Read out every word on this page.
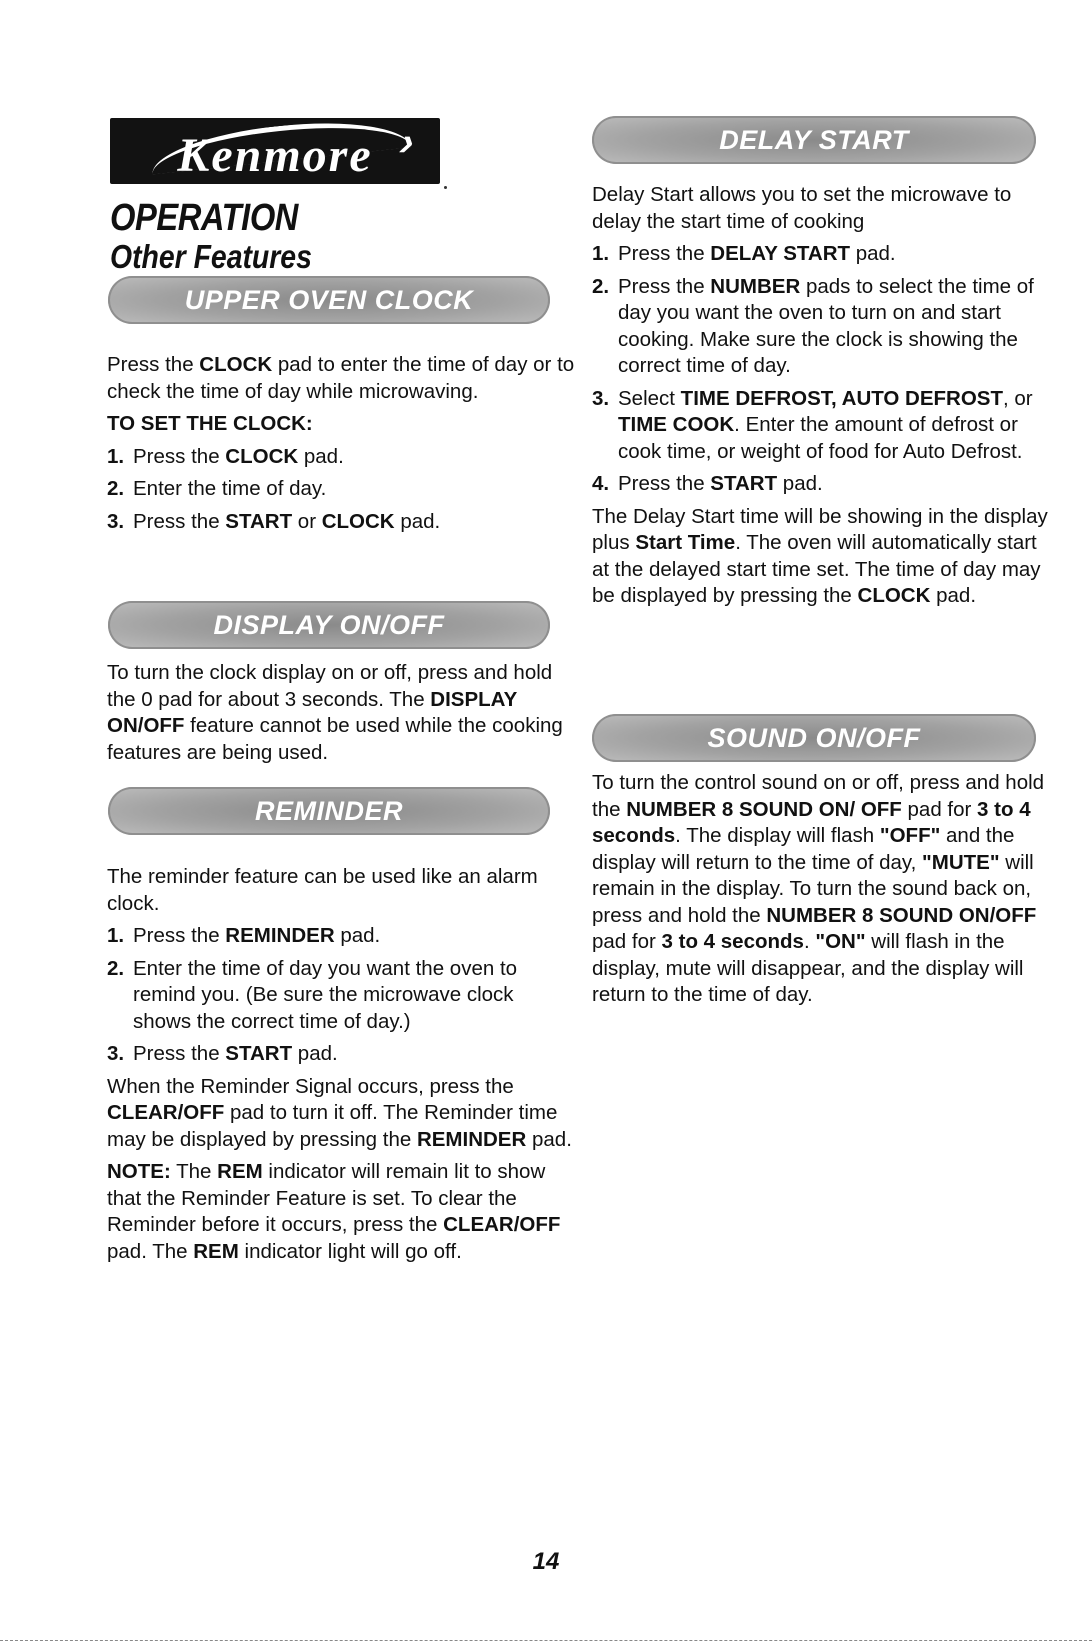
›
Kenmore
OPERATION
Other Features
UPPER OVEN CLOCK

Press the CLOCK pad to enter the time of day or to check the time of day while microwaving.

TO SET THE CLOCK:

1. Press the CLOCK pad.
2. Enter the time of day.
3. Press the START or CLOCK pad.
DISPLAY ON/OFF

To turn the clock display on or off, press and hold the 0 pad for about 3 seconds. The DISPLAY ON/OFF feature cannot be used while the cooking features are being used.

REMINDER

The reminder feature can be used like an alarm clock.

1. Press the REMINDER pad.
2. Enter the time of day you want the oven to remind you. (Be sure the microwave clock shows the correct time of day.)
3. Press the START pad.

When the Reminder Signal occurs, press the CLEAR/OFF pad to turn it off. The Reminder time may be displayed by pressing the REMINDER pad.

NOTE: The REM indicator will remain lit to show that the Reminder Feature is set. To clear the Reminder before it occurs, press the CLEAR/OFF pad. The REM indicator light will go off.

DELAY START

Delay Start allows you to set the microwave to delay the start time of cooking

1. Press the DELAY START pad.
2. Press the NUMBER pads to select the time of day you want the oven to turn on and start cooking. Make sure the clock is showing the correct time of day.
3. Select TIME DEFROST, AUTO DEFROST, or TIME COOK. Enter the amount of defrost or cook time, or weight of food for Auto Defrost.
4. Press the START pad.

The Delay Start time will be showing in the display plus Start Time. The oven will automatically start at the delayed start time set. The time of day may be displayed by pressing the CLOCK pad.

SOUND ON/OFF

To turn the control sound on or off, press and hold the NUMBER 8 SOUND ON/ OFF pad for 3 to 4 seconds. The display will flash "OFF" and the display will return to the time of day, "MUTE" will remain in the display. To turn the sound back on, press and hold the NUMBER 8 SOUND ON/OFF pad for 3 to 4 seconds. "ON" will flash in the display, mute will disappear, and the display will return to the time of day.

14
